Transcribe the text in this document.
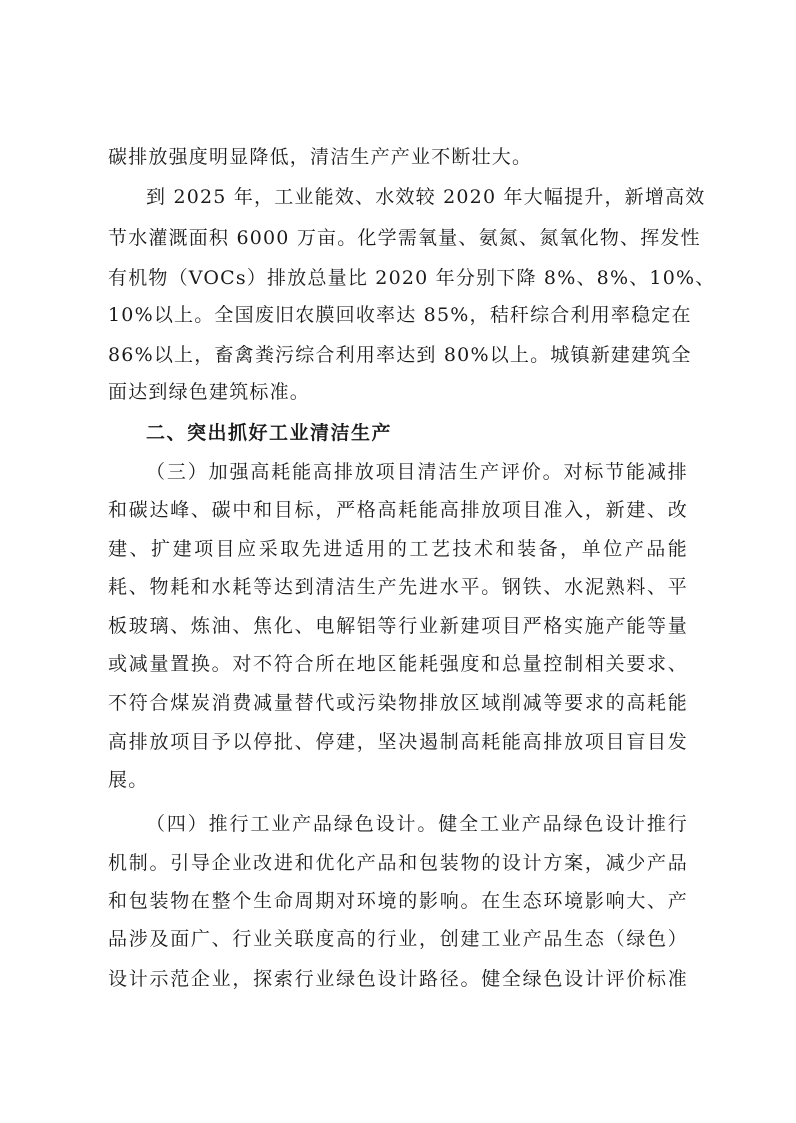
碳排放强度明显降低，清洁生产产业不断壮大。
到 2025 年，工业能效、水效较 2020 年大幅提升，新增高效
节水灌溉面积 6000 万亩。化学需氧量、氨氮、氮氧化物、挥发性
有机物（VOCs）排放总量比 2020 年分别下降 8%、8%、10%、
10%以上。全国废旧农膜回收率达 85%，秸秆综合利用率稳定在
86%以上，畜禽粪污综合利用率达到 80%以上。城镇新建建筑全
面达到绿色建筑标准。
二、突出抓好工业清洁生产
（三）加强高耗能高排放项目清洁生产评价。对标节能减排
和碳达峰、碳中和目标，严格高耗能高排放项目准入，新建、改
建、扩建项目应采取先进适用的工艺技术和装备，单位产品能
耗、物耗和水耗等达到清洁生产先进水平。钢铁、水泥熟料、平
板玻璃、炼油、焦化、电解铝等行业新建项目严格实施产能等量
或减量置换。对不符合所在地区能耗强度和总量控制相关要求、
不符合煤炭消费减量替代或污染物排放区域削减等要求的高耗能
高排放项目予以停批、停建，坚决遏制高耗能高排放项目盲目发
展。
（四）推行工业产品绿色设计。健全工业产品绿色设计推行
机制。引导企业改进和优化产品和包装物的设计方案，减少产品
和包装物在整个生命周期对环境的影响。在生态环境影响大、产
品涉及面广、行业关联度高的行业，创建工业产品生态（绿色）
设计示范企业，探索行业绿色设计路径。健全绿色设计评价标准
